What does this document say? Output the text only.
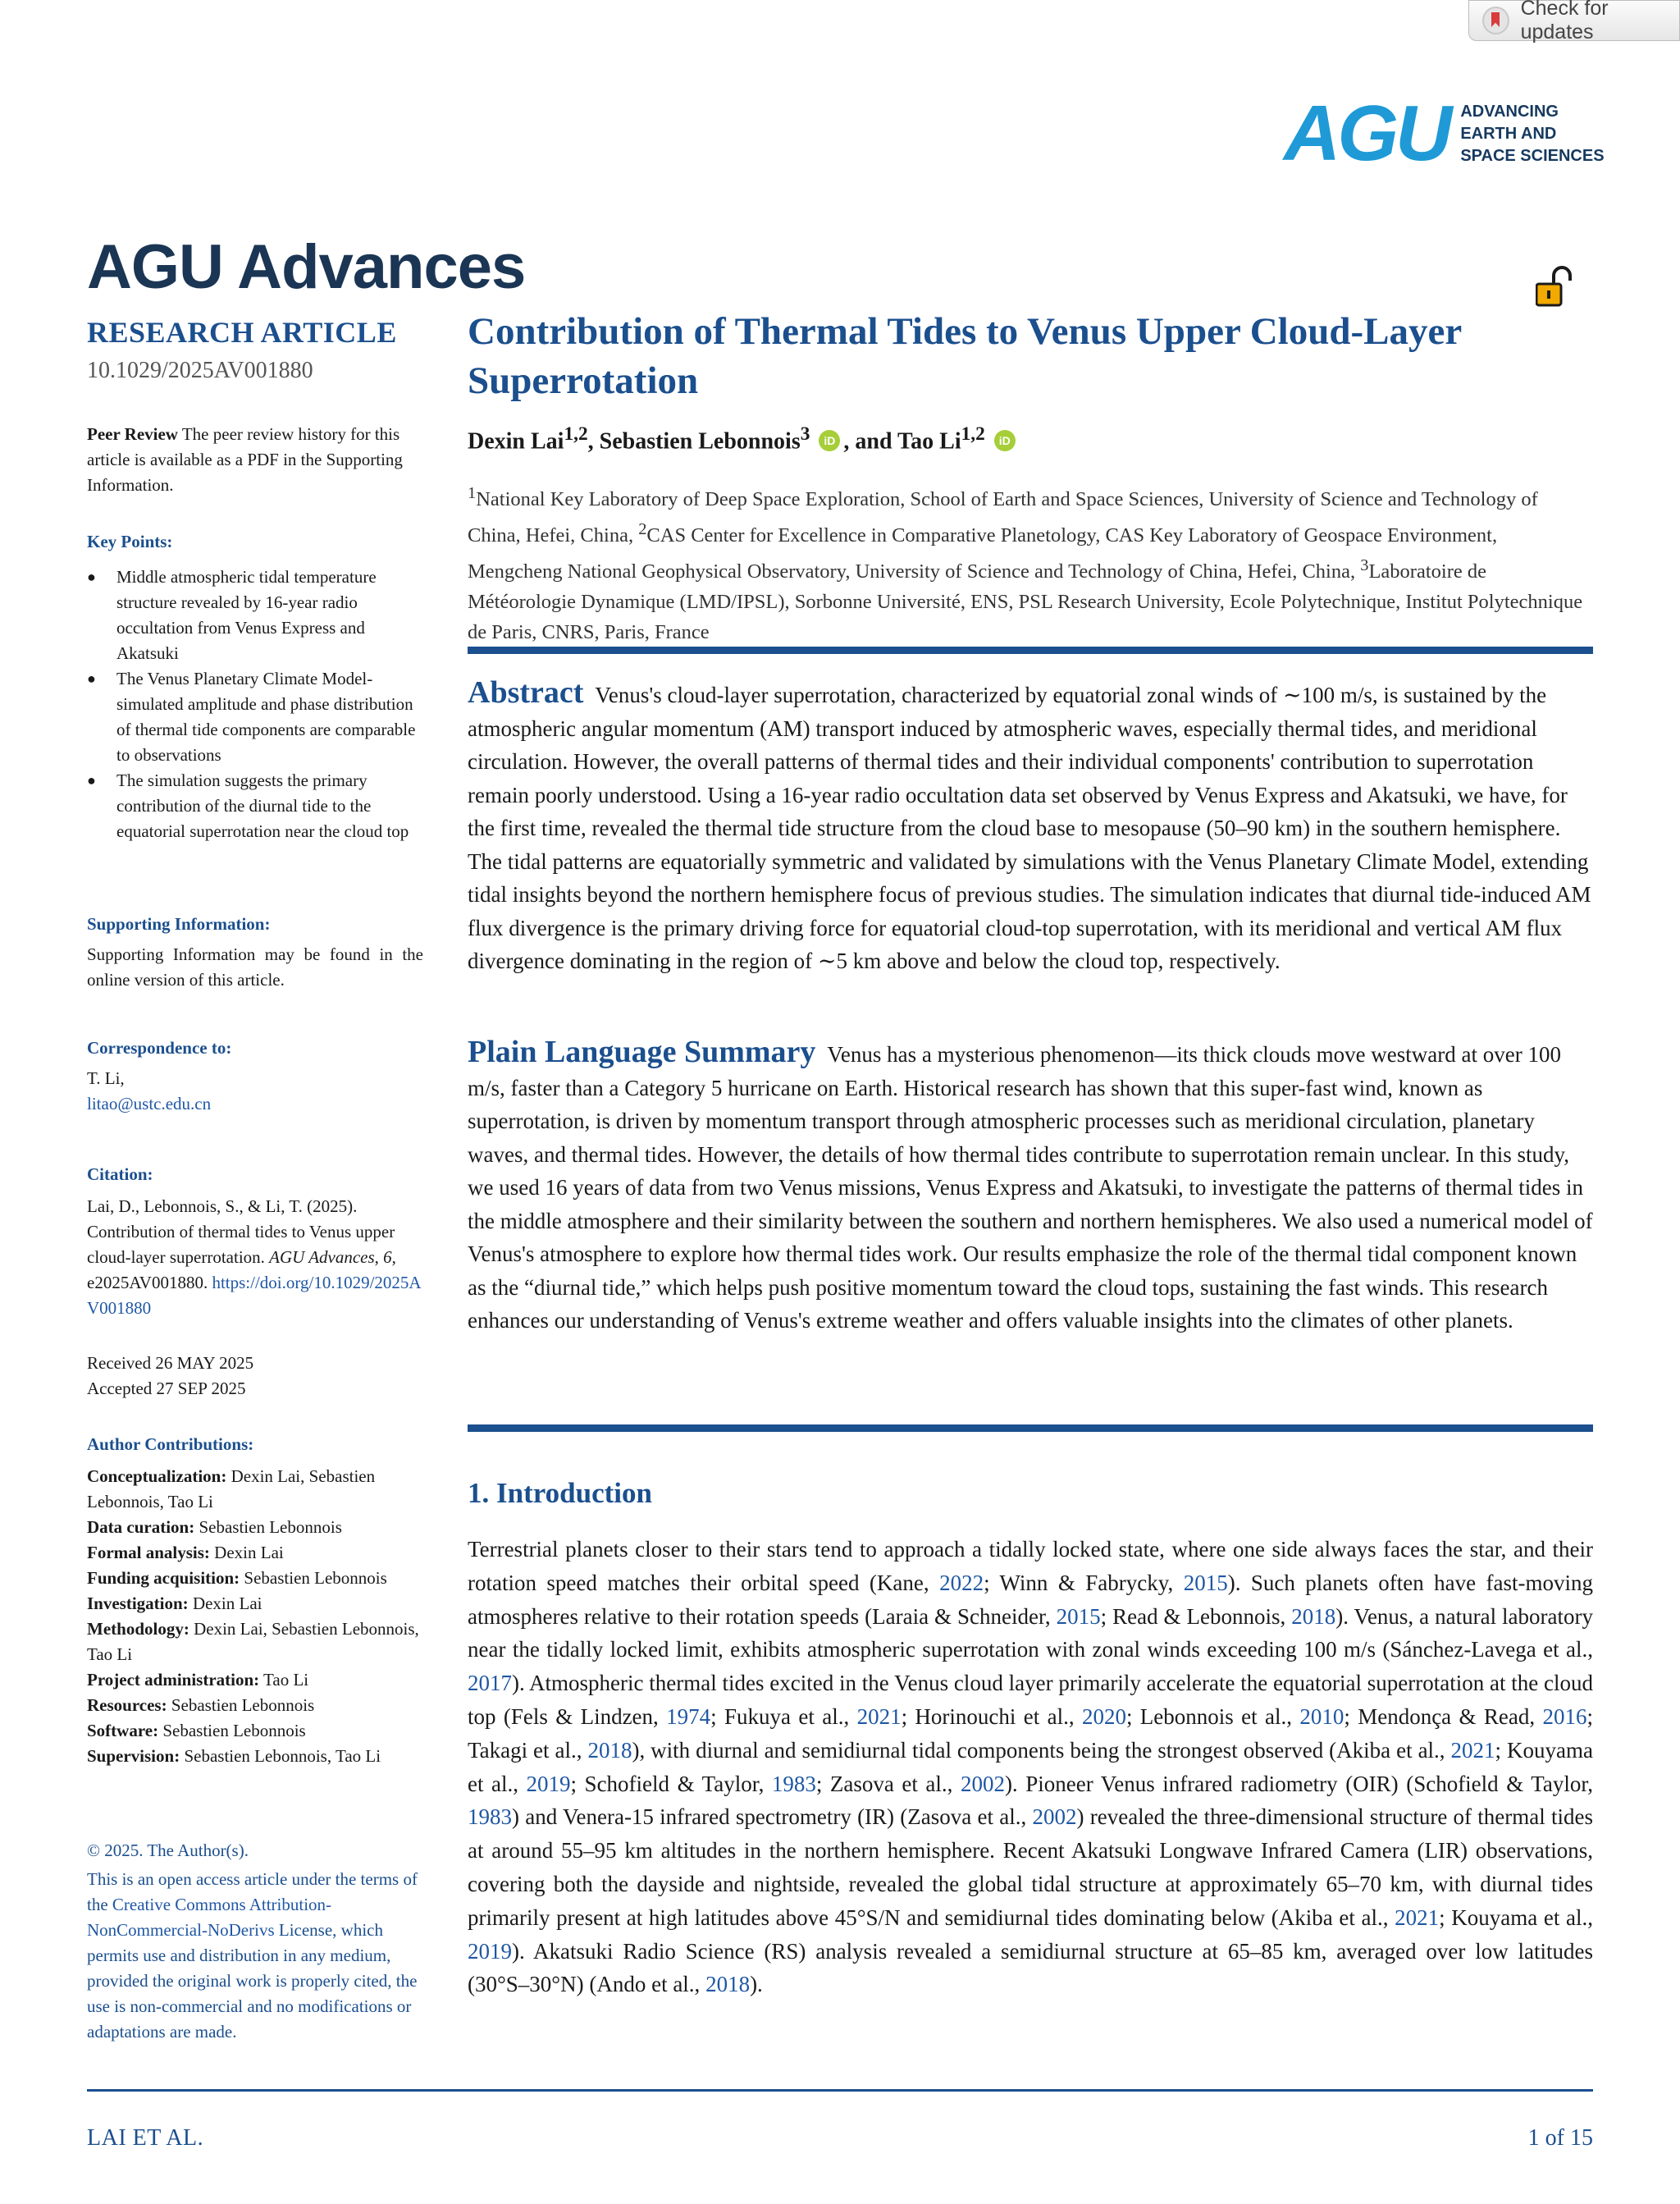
Check for updates
AGU ADVANCING
EARTH AND
SPACE SCIENCES
AGU Advances
RESEARCH ARTICLE
10.1029/2025AV001880

Peer Review The peer review history for this article is available as a PDF in the Supporting Information.

Key Points:

● Middle atmospheric tidal temperature structure revealed by 16-year radio occultation from Venus Express and Akatsuki
● The Venus Planetary Climate Model-simulated amplitude and phase distribution of thermal tide components are comparable to observations
● The simulation suggests the primary contribution of the diurnal tide to the equatorial superrotation near the cloud top

Supporting Information:

Supporting Information may be found in the online version of this article.

Correspondence to:

T. Li,

litao@ustc.edu.cn

Citation:

Lai, D., Lebonnois, S., & Li, T. (2025). Contribution of thermal tides to Venus upper cloud-layer superrotation. AGU Advances, 6, e2025AV001880. https://doi.org/10.1029/2025AV001880

Received 26 MAY 2025

Accepted 27 SEP 2025

Author Contributions:

Conceptualization: Dexin Lai, Sebastien Lebonnois, Tao Li

Data curation: Sebastien Lebonnois

Formal analysis: Dexin Lai

Funding acquisition: Sebastien Lebonnois

Investigation: Dexin Lai

Methodology: Dexin Lai, Sebastien Lebonnois, Tao Li

Project administration: Tao Li

Resources: Sebastien Lebonnois

Software: Sebastien Lebonnois

Supervision: Sebastien Lebonnois, Tao Li

© 2025. The Author(s).

This is an open access article under the terms of the Creative Commons Attribution-NonCommercial-NoDerivs License, which permits use and distribution in any medium, provided the original work is properly cited, the use is non-commercial and no modifications or adaptations are made.

Contribution of Thermal Tides to Venus Upper Cloud-Layer Superrotation
Dexin Lai$^{1,2}$, Sebastien Lebonnois$^3$ iD , and Tao Li$^{1,2}$ iD
$^1$National Key Laboratory of Deep Space Exploration, School of Earth and Space Sciences, University of Science and Technology of China, Hefei, China, $^2$CAS Center for Excellence in Comparative Planetology, CAS Key Laboratory of Geospace Environment, Mengcheng National Geophysical Observatory, University of Science and Technology of China, Hefei, China, $^3$Laboratoire de Météorologie Dynamique (LMD/IPSL), Sorbonne Université, ENS, PSL Research University, Ecole Polytechnique, Institut Polytechnique de Paris, CNRS, Paris, France
Abstract Venus's cloud-layer superrotation, characterized by equatorial zonal winds of ∼100 m/s, is sustained by the atmospheric angular momentum (AM) transport induced by atmospheric waves, especially thermal tides, and meridional circulation. However, the overall patterns of thermal tides and their individual components' contribution to superrotation remain poorly understood. Using a 16-year radio occultation data set observed by Venus Express and Akatsuki, we have, for the first time, revealed the thermal tide structure from the cloud base to mesopause (50–90 km) in the southern hemisphere. The tidal patterns are equatorially symmetric and validated by simulations with the Venus Planetary Climate Model, extending tidal insights beyond the northern hemisphere focus of previous studies. The simulation indicates that diurnal tide-induced AM flux divergence is the primary driving force for equatorial cloud-top superrotation, with its meridional and vertical AM flux divergence dominating in the region of ∼5 km above and below the cloud top, respectively.
Plain Language Summary Venus has a mysterious phenomenon—its thick clouds move westward at over 100 m/s, faster than a Category 5 hurricane on Earth. Historical research has shown that this super-fast wind, known as superrotation, is driven by momentum transport through atmospheric processes such as meridional circulation, planetary waves, and thermal tides. However, the details of how thermal tides contribute to superrotation remain unclear. In this study, we used 16 years of data from two Venus missions, Venus Express and Akatsuki, to investigate the patterns of thermal tides in the middle atmosphere and their similarity between the southern and northern hemispheres. We also used a numerical model of Venus's atmosphere to explore how thermal tides work. Our results emphasize the role of the thermal tidal component known as the “diurnal tide,” which helps push positive momentum toward the cloud tops, sustaining the fast winds. This research enhances our understanding of Venus's extreme weather and offers valuable insights into the climates of other planets.
1. Introduction
Terrestrial planets closer to their stars tend to approach a tidally locked state, where one side always faces the star, and their rotation speed matches their orbital speed (Kane, 2022; Winn & Fabrycky, 2015). Such planets often have fast-moving atmospheres relative to their rotation speeds (Laraia & Schneider, 2015; Read & Lebonnois, 2018). Venus, a natural laboratory near the tidally locked limit, exhibits atmospheric superrotation with zonal winds exceeding 100 m/s (Sánchez-Lavega et al., 2017). Atmospheric thermal tides excited in the Venus cloud layer primarily accelerate the equatorial superrotation at the cloud top (Fels & Lindzen, 1974; Fukuya et al., 2021; Horinouchi et al., 2020; Lebonnois et al., 2010; Mendonça & Read, 2016; Takagi et al., 2018), with diurnal and semidiurnal tidal components being the strongest observed (Akiba et al., 2021; Kouyama et al., 2019; Schofield & Taylor, 1983; Zasova et al., 2002). Pioneer Venus infrared radiometry (OIR) (Schofield & Taylor, 1983) and Venera-15 infrared spectrometry (IR) (Zasova et al., 2002) revealed the three-dimensional structure of thermal tides at around 55–95 km altitudes in the northern hemisphere. Recent Akatsuki Longwave Infrared Camera (LIR) observations, covering both the dayside and nightside, revealed the global tidal structure at approximately 65–70 km, with diurnal tides primarily present at high latitudes above 45°S/N and semidiurnal tides dominating below (Akiba et al., 2021; Kouyama et al., 2019). Akatsuki Radio Science (RS) analysis revealed a semidiurnal structure at 65–85 km, averaged over low latitudes (30°S–30°N) (Ando et al., 2018).
LAI ET AL.	1 of 15
